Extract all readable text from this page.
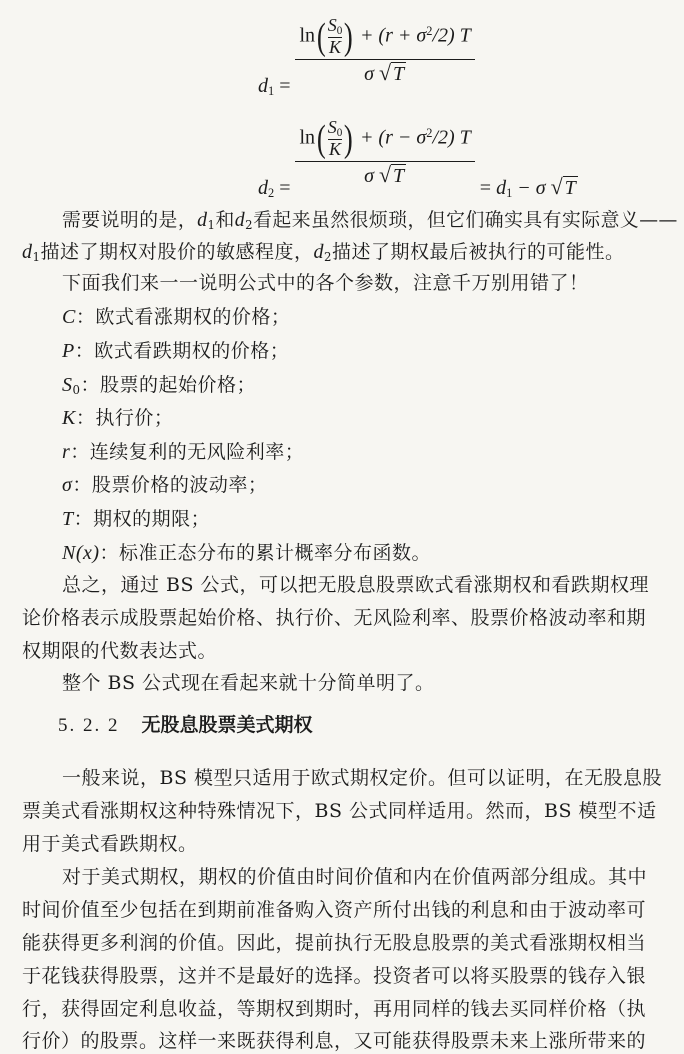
$d_1 = \frac{\ln( \frac{S_0}{K} ) + (r + \sigma^2/2) T}{\sigma √ T}$
$d_2 = \frac{\ln( \frac{S_0}{K} ) + (r - \sigma^2/2) T}{\sigma √ T} = d_1 - \sigma$ √ T
需要说明的是，$d_1$和$d_2$看起来虽然很烦琐，但它们确实具有实际意义——
$d_1$描述了期权对股价的敏感程度，$d_2$描述了期权最后被执行的可能性。
下面我们来一一说明公式中的各个参数，注意千万别用错了！
C：欧式看涨期权的价格；
P：欧式看跌期权的价格；
$S_0$：股票的起始价格；
K：执行价；
r：连续复利的无风险利率；
σ：股票价格的波动率；
T：期权的期限；
N(x)：标准正态分布的累计概率分布函数。
总之，通过 BS 公式，可以把无股息股票欧式看涨期权和看跌期权理
论价格表示成股票起始价格、执行价、无风险利率、股票价格波动率和期
权期限的代数表达式。
整个 BS 公式现在看起来就十分简单明了。
5. 2. 2 无股息股票美式期权
一般来说，BS 模型只适用于欧式期权定价。但可以证明，在无股息股
票美式看涨期权这种特殊情况下，BS 公式同样适用。然而，BS 模型不适
用于美式看跌期权。
对于美式期权，期权的价值由时间价值和内在价值两部分组成。其中
时间价值至少包括在到期前准备购入资产所付出钱的利息和由于波动率可
能获得更多利润的价值。因此，提前执行无股息股票的美式看涨期权相当
于花钱获得股票，这并不是最好的选择。投资者可以将买股票的钱存入银
行，获得固定利息收益，等期权到期时，再用同样的钱去买同样价格（执
行价）的股票。这样一来既获得利息，又可能获得股票未来上涨所带来的
